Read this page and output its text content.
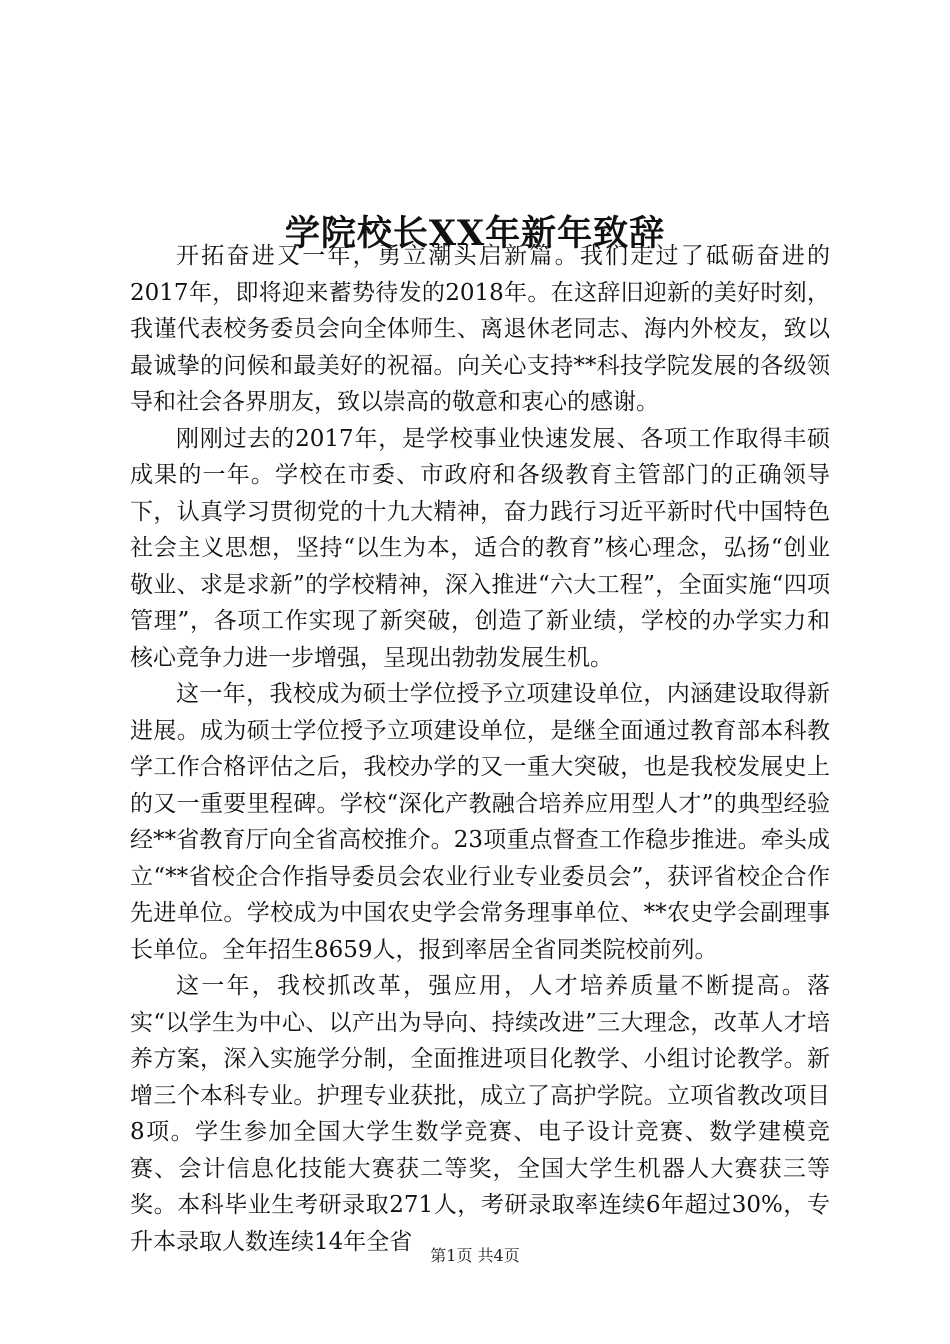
学院校长XX年新年致辞

开拓奋进又一年，勇立潮头启新篇。我们走过了砥砺奋进的2017年，即将迎来蓄势待发的2018年。在这辞旧迎新的美好时刻，我谨代表校务委员会向全体师生、离退休老同志、海内外校友，致以最诚挚的问候和最美好的祝福。向关心支持**科技学院发展的各级领导和社会各界朋友，致以崇高的敬意和衷心的感谢。

刚刚过去的2017年，是学校事业快速发展、各项工作取得丰硕成果的一年。学校在市委、市政府和各级教育主管部门的正确领导下，认真学习贯彻党的十九大精神，奋力践行习近平新时代中国特色社会主义思想，坚持“以生为本，适合的教育”核心理念，弘扬“创业敬业、求是求新”的学校精神，深入推进“六大工程”，全面实施“四项管理”，各项工作实现了新突破，创造了新业绩，学校的办学实力和核心竞争力进一步增强，呈现出勃勃发展生机。

这一年，我校成为硕士学位授予立项建设单位，内涵建设取得新进展。成为硕士学位授予立项建设单位，是继全面通过教育部本科教学工作合格评估之后，我校办学的又一重大突破，也是我校发展史上的又一重要里程碑。学校“深化产教融合培养应用型人才”的典型经验经**省教育厅向全省高校推介。23项重点督查工作稳步推进。牵头成立“**省校企合作指导委员会农业行业专业委员会”，获评省校企合作先进单位。学校成为中国农史学会常务理事单位、**农史学会副理事长单位。全年招生8659人，报到率居全省同类院校前列。

这一年，我校抓改革，强应用，人才培养质量不断提高。落实“以学生为中心、以产出为导向、持续改进”三大理念，改革人才培养方案，深入实施学分制，全面推进项目化教学、小组讨论教学。新增三个本科专业。护理专业获批，成立了高护学院。立项省教改项目8项。学生参加全国大学生数学竞赛、电子设计竞赛、数学建模竞赛、会计信息化技能大赛获二等奖，全国大学生机器人大赛获三等奖。本科毕业生考研录取271人，考研录取率连续6年超过30%，专升本录取人数连续14年全省

第1页 共4页
